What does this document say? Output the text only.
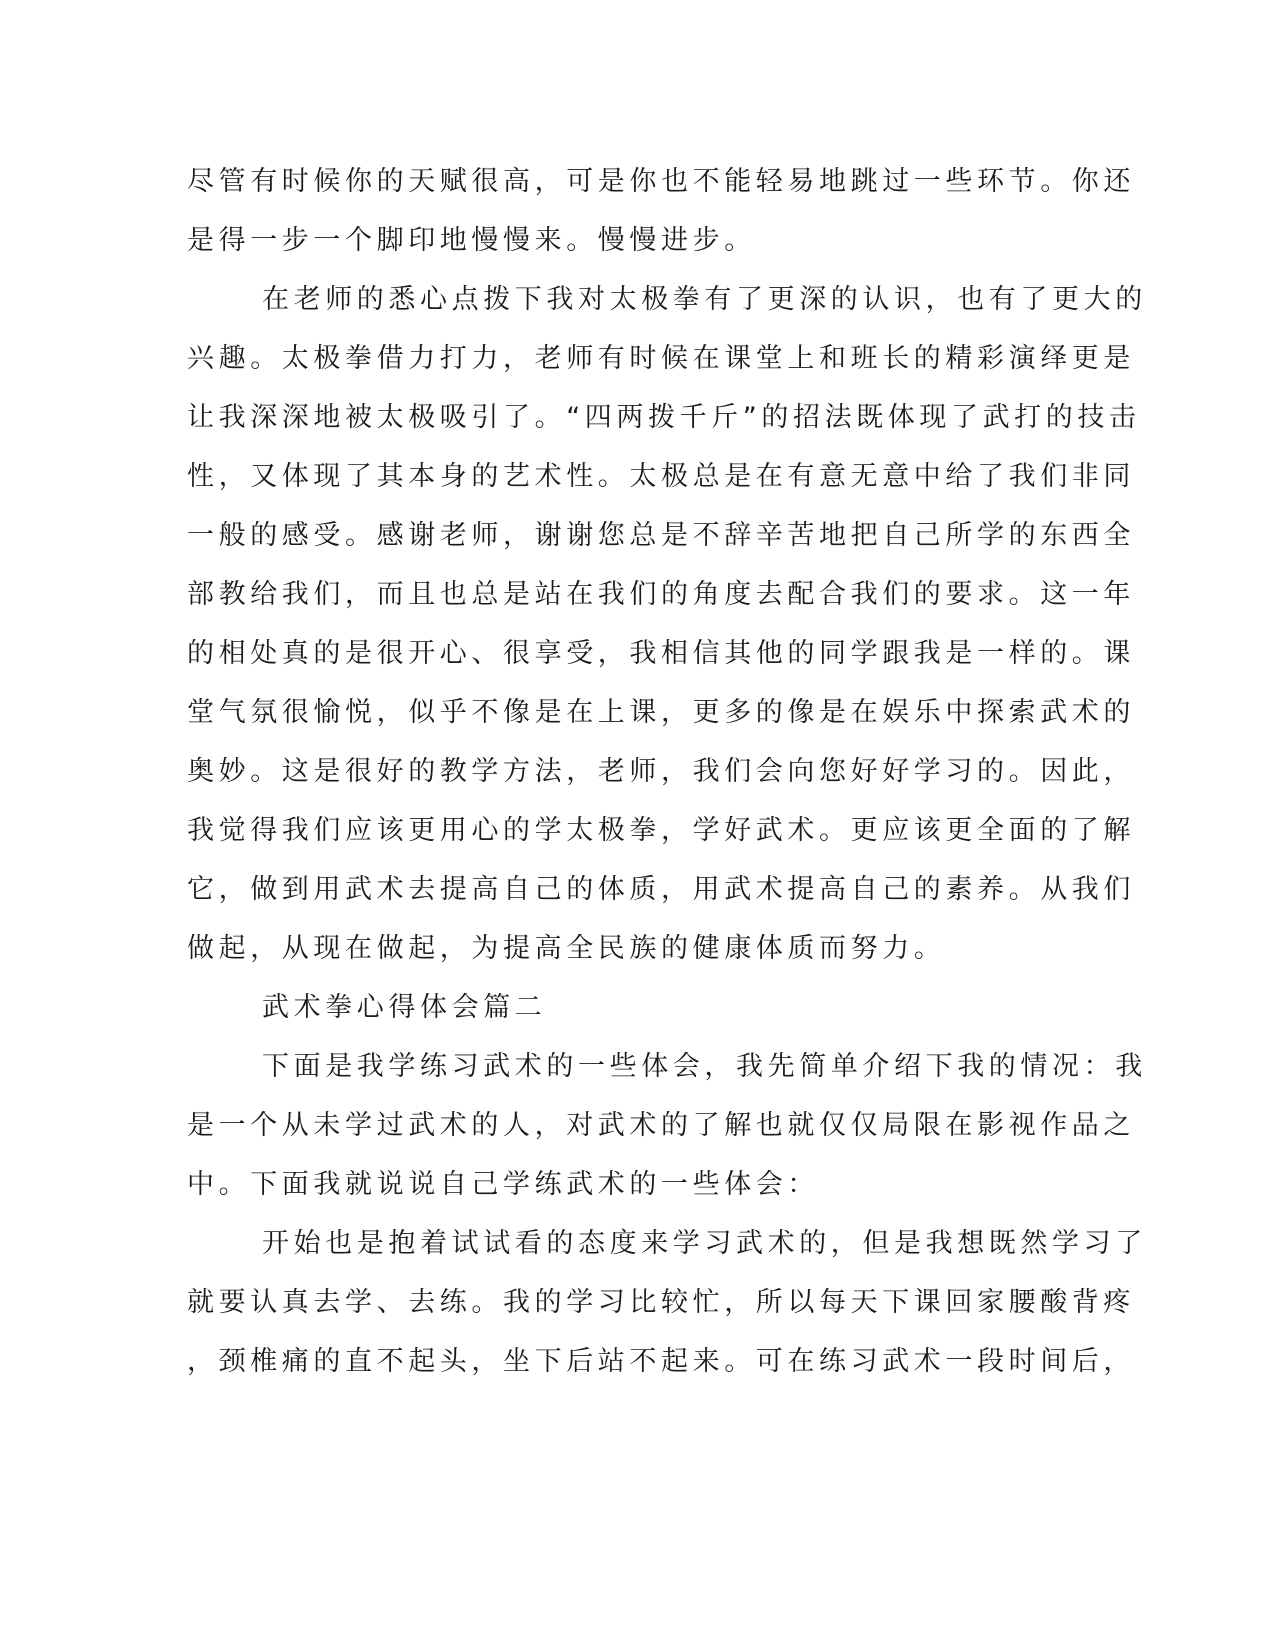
尽管有时候你的天赋很高，可是你也不能轻易地跳过一些环节。你还
是得一步一个脚印地慢慢来。慢慢进步。
在老师的悉心点拨下我对太极拳有了更深的认识，也有了更大的
兴趣。太极拳借力打力，老师有时候在课堂上和班长的精彩演绎更是
让我深深地被太极吸引了。“四两拨千斤”的招法既体现了武打的技击
性，又体现了其本身的艺术性。太极总是在有意无意中给了我们非同
一般的感受。感谢老师，谢谢您总是不辞辛苦地把自己所学的东西全
部教给我们，而且也总是站在我们的角度去配合我们的要求。这一年
的相处真的是很开心、很享受，我相信其他的同学跟我是一样的。课
堂气氛很愉悦，似乎不像是在上课，更多的像是在娱乐中探索武术的
奥妙。这是很好的教学方法，老师，我们会向您好好学习的。因此，
我觉得我们应该更用心的学太极拳，学好武术。更应该更全面的了解
它，做到用武术去提高自己的体质，用武术提高自己的素养。从我们
做起，从现在做起，为提高全民族的健康体质而努力。
武术拳心得体会篇二
下面是我学练习武术的一些体会，我先简单介绍下我的情况：我
是一个从未学过武术的人，对武术的了解也就仅仅局限在影视作品之
中。下面我就说说自己学练武术的一些体会：
开始也是抱着试试看的态度来学习武术的，但是我想既然学习了
就要认真去学、去练。我的学习比较忙，所以每天下课回家腰酸背疼
，颈椎痛的直不起头，坐下后站不起来。可在练习武术一段时间后，
